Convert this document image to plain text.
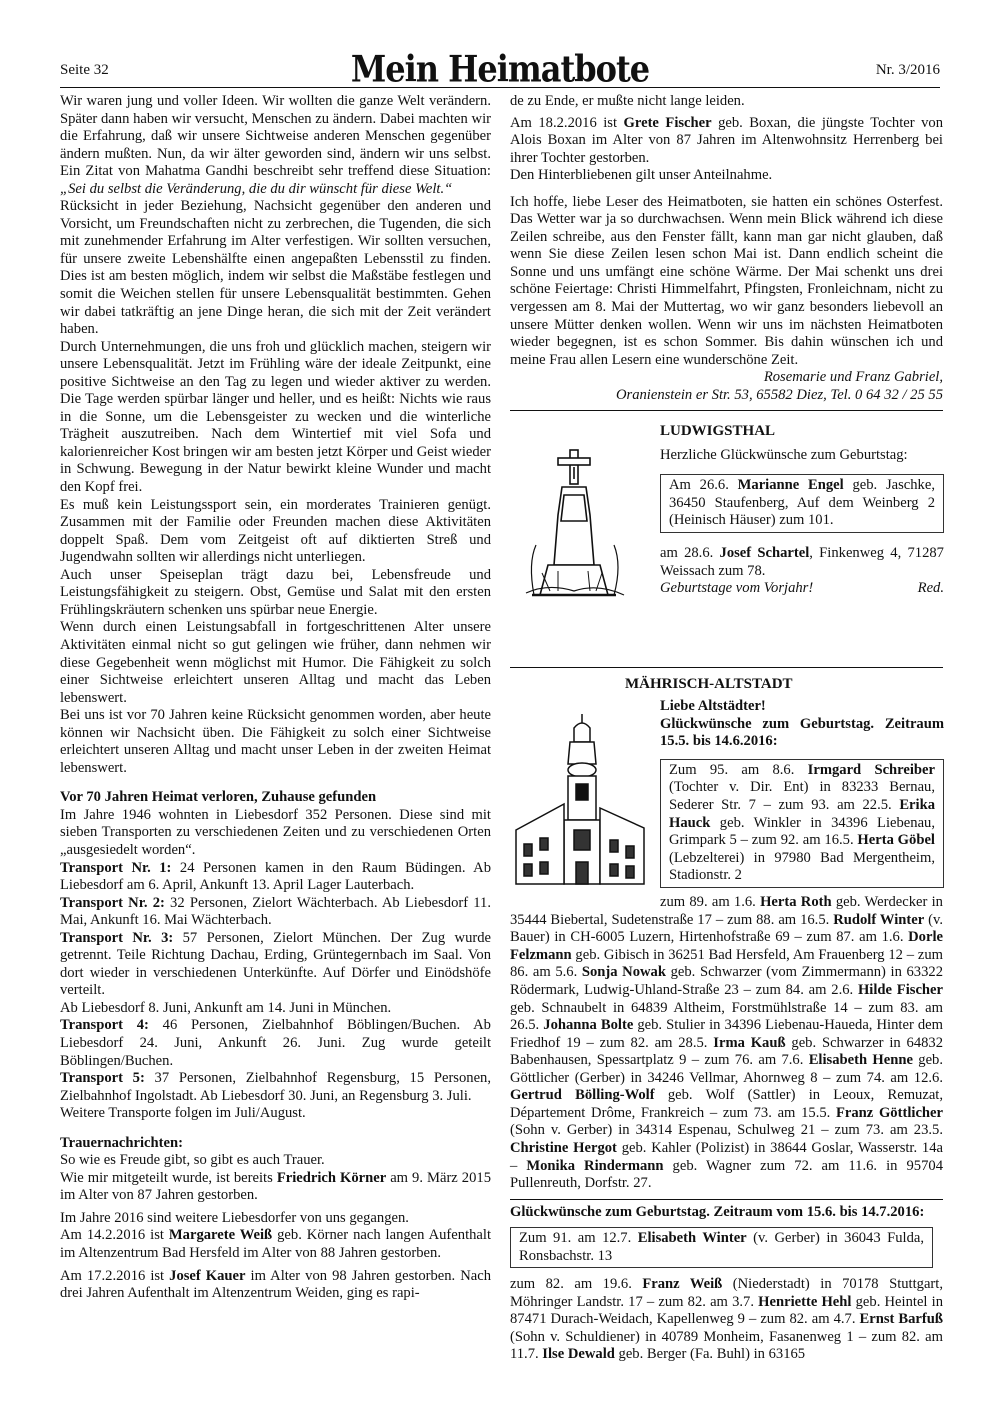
Seite 32	Mein Heimatbote	Nr. 3/2016

Wir waren jung und voller Ideen. Wir wollten die ganze Welt verändern. Später dann haben wir versucht, Menschen zu ändern. Dabei machten wir die Erfahrung, daß wir unsere Sichtweise anderen Menschen gegenüber ändern mußten. Nun, da wir älter geworden sind, ändern wir uns selbst. Ein Zitat von Mahatma Gandhi beschreibt sehr treffend diese Situation: „Sei du selbst die Veränderung, die du dir wünscht für diese Welt.“

Rücksicht in jeder Beziehung, Nachsicht gegenüber den anderen und Vorsicht, um Freundschaften nicht zu zerbrechen, die Tugenden, die sich mit zunehmender Erfahrung im Alter verfestigen. Wir sollten versuchen, für unsere zweite Lebenshälfte einen angepaßten Lebensstil zu finden. Dies ist am besten möglich, indem wir selbst die Maßstäbe festlegen und somit die Weichen stellen für unsere Lebensqualität bestimmten. Gehen wir dabei tatkräftig an jene Dinge heran, die sich mit der Zeit verändert haben.

Durch Unternehmungen, die uns froh und glücklich machen, steigern wir unsere Lebensqualität. Jetzt im Frühling wäre der ideale Zeitpunkt, eine positive Sichtweise an den Tag zu legen und wieder aktiver zu werden. Die Tage werden spürbar länger und heller, und es heißt: Nichts wie raus in die Sonne, um die Lebensgeister zu wecken und die winterliche Trägheit auszutreiben. Nach dem Wintertief mit viel Sofa und kalorienreicher Kost bringen wir am besten jetzt Körper und Geist wieder in Schwung. Bewegung in der Natur bewirkt kleine Wunder und macht den Kopf frei.

Es muß kein Leistungssport sein, ein morderates Trainieren genügt. Zusammen mit der Familie oder Freunden machen diese Aktivitäten doppelt Spaß. Dem vom Zeitgeist oft auf diktierten Streß und Jugendwahn sollten wir allerdings nicht unterliegen.

Auch unser Speiseplan trägt dazu bei, Lebensfreude und Leistungsfähigkeit zu steigern. Obst, Gemüse und Salat mit den ersten Frühlingskräutern schenken uns spürbar neue Energie.

Wenn durch einen Leistungsabfall in fortgeschrittenen Alter unsere Aktivitäten einmal nicht so gut gelingen wie früher, dann nehmen wir diese Gegebenheit wenn möglichst mit Humor. Die Fähigkeit zu solch einer Sichtweise erleichtert unseren Alltag und macht das Leben lebenswert.

Bei uns ist vor 70 Jahren keine Rücksicht genommen worden, aber heute können wir Nachsicht üben. Die Fähigkeit zu solch einer Sichtweise erleichtert unseren Alltag und macht unser Leben in der zweiten Heimat lebenswert.

Vor 70 Jahren Heimat verloren, Zuhause gefunden

Im Jahre 1946 wohnten in Liebesdorf 352 Personen. Diese sind mit sieben Transporten zu verschiedenen Zeiten und zu verschiedenen Orten „ausgesiedelt worden“.

Transport Nr. 1: 24 Personen kamen in den Raum Büdingen. Ab Liebesdorf am 6. April, Ankunft 13. April Lager Lauterbach.

Transport Nr. 2: 32 Personen, Zielort Wächterbach. Ab Liebesdorf 11. Mai, Ankunft 16. Mai Wächterbach.

Transport Nr. 3: 57 Personen, Zielort München. Der Zug wurde getrennt. Teile Richtung Dachau, Erding, Grüntegernbach im Saal. Von dort wieder in verschiedenen Unterkünfte. Auf Dörfer und Einödshöfe verteilt.

Ab Liebesdorf 8. Juni, Ankunft am 14. Juni in München.

Transport 4: 46 Personen, Zielbahnhof Böblingen/Buchen. Ab Liebesdorf 24. Juni, Ankunft 26. Juni. Zug wurde geteilt Böblingen/Buchen.

Transport 5: 37 Personen, Zielbahnhof Regensburg, 15 Personen, Zielbahnhof Ingolstadt. Ab Liebesdorf 30. Juni, an Regensburg 3. Juli.

Weitere Transporte folgen im Juli/August.

Trauernachrichten:

So wie es Freude gibt, so gibt es auch Trauer.

Wie mir mitgeteilt wurde, ist bereits Friedrich Körner am 9. März 2015 im Alter von 87 Jahren gestorben.

Im Jahre 2016 sind weitere Liebesdorfer von uns gegangen.

Am 14.2.2016 ist Margarete Weiß geb. Körner nach langen Aufenthalt im Altenzentrum Bad Hersfeld im Alter von 88 Jahren gestorben.

Am 17.2.2016 ist Josef Kauer im Alter von 98 Jahren gestorben. Nach drei Jahren Aufenthalt im Altenzentrum Weiden, ging es rapi-

de zu Ende, er mußte nicht lange leiden.

Am 18.2.2016 ist Grete Fischer geb. Boxan, die jüngste Tochter von Alois Boxan im Alter von 87 Jahren im Altenwohnsitz Herrenberg bei ihrer Tochter gestorben.

Den Hinterbliebenen gilt unser Anteilnahme.

Ich hoffe, liebe Leser des Heimatboten, sie hatten ein schönes Osterfest. Das Wetter war ja so durchwachsen. Wenn mein Blick während ich diese Zeilen schreibe, aus den Fenster fällt, kann man gar nicht glauben, daß wenn Sie diese Zeilen lesen schon Mai ist. Dann endlich scheint die Sonne und uns umfängt eine schöne Wärme. Der Mai schenkt uns drei schöne Feiertage: Christi Himmelfahrt, Pfingsten, Fronleichnam, nicht zu vergessen am 8. Mai der Muttertag, wo wir ganz besonders liebevoll an unsere Mütter denken wollen. Wenn wir uns im nächsten Heimatboten wieder begegnen, ist es schon Sommer. Bis dahin wünschen ich und meine Frau allen Lesern eine wunderschöne Zeit.

Rosemarie und Franz Gabriel,

Oranienstein er Str. 53, 65582 Diez, Tel. 0 64 32 / 25 55

LUDWIGSTHAL

Herzliche Glückwünsche zum Geburtstag:

Am 26.6. Marianne Engel geb. Jaschke, 36450 Staufenberg, Auf dem Weinberg 2 (Heinisch Häuser) zum 101.

am 28.6. Josef Schartel, Finkenweg 4, 71287 Weissach zum 78.

Geburtstage vom Vorjahr!	Red.

MÄHRISCH-ALTSTADT

Liebe Altstädter!

Glückwünsche zum Geburtstag. Zeitraum 15.5. bis 14.6.2016:

Zum 95. am 8.6. Irmgard Schreiber (Tochter v. Dir. Ent) in 83233 Bernau, Sederer Str. 7 – zum 93. am 22.5. Erika Hauck geb. Winkler in 34396 Liebenau, Grimpark 5 – zum 92. am 16.5. Herta Göbel (Lebzelterei) in 97980 Bad Mergentheim, Stadionstr. 2

zum 89. am 1.6. Herta Roth geb. Werdecker in 35444 Biebertal, Sudetenstraße 17 – zum 88. am 16.5. Rudolf Winter (v. Bauer) in CH-6005 Luzern, Hirtenhofstraße 69 – zum 87. am 1.6. Dorle Felzmann geb. Gibisch in 36251 Bad Hersfeld, Am Frauenberg 12 – zum 86. am 5.6. Sonja Nowak geb. Schwarzer (vom Zimmermann) in 63322 Rödermark, Ludwig-Uhland-Straße 23 – zum 84. am 2.6. Hilde Fischer geb. Schnaubelt in 64839 Altheim, Forstmühlstraße 14 – zum 83. am 26.5. Johanna Bolte geb. Stulier in 34396 Liebenau-Haueda, Hinter dem Friedhof 19 – zum 82. am 28.5. Irma Kauß geb. Schwarzer in 64832 Babenhausen, Spessartplatz 9 – zum 76. am 7.6. Elisabeth Henne geb. Göttlicher (Gerber) in 34246 Vellmar, Ahornweg 8 – zum 74. am 12.6. Gertrud Bölling-Wolf geb. Wolf (Sattler) in Leoux, Remuzat, Département Drôme, Frankreich – zum 73. am 15.5. Franz Göttlicher (Sohn v. Gerber) in 34314 Espenau, Schulweg 21 – zum 73. am 23.5. Christine Hergot geb. Kahler (Polizist) in 38644 Goslar, Wasserstr. 14a – Monika Rindermann geb. Wagner zum 72. am 11.6. in 95704 Pullenreuth, Dorfstr. 27.

Glückwünsche zum Geburtstag. Zeitraum vom 15.6. bis 14.7.2016:

Zum 91. am 12.7. Elisabeth Winter (v. Gerber) in 36043 Fulda, Ronsbachstr. 13

zum 82. am 19.6. Franz Weiß (Niederstadt) in 70178 Stuttgart, Möhringer Landstr. 17 – zum 82. am 3.7. Henriette Hehl geb. Heintel in 87471 Durach-Weidach, Kapellenweg 9 – zum 82. am 4.7. Ernst Barfuß (Sohn v. Schuldiener) in 40789 Monheim, Fasanenweg 1 – zum 82. am 11.7. Ilse Dewald geb. Berger (Fa. Buhl) in 63165
